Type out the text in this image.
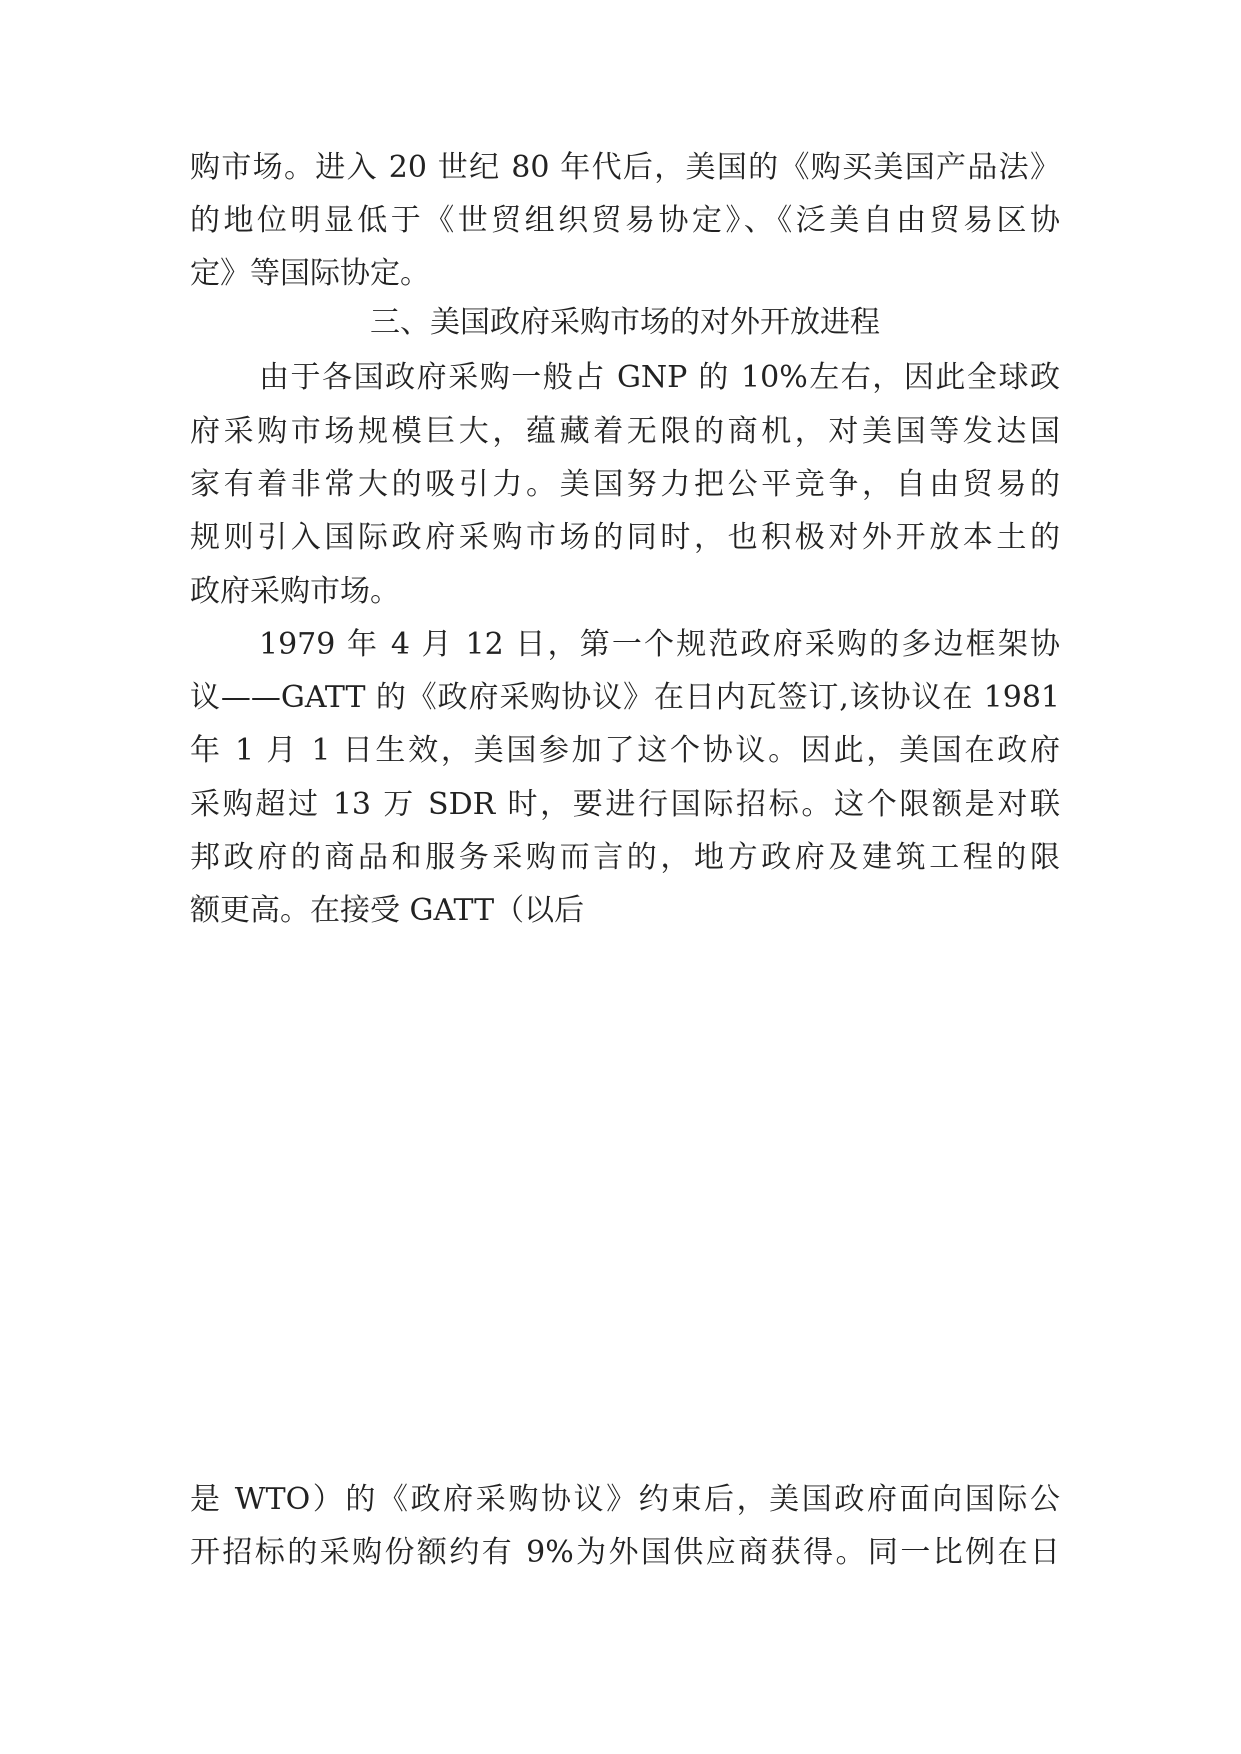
购市场。进入 20 世纪 80 年代后，美国的《购买美国产品法》
的地位明显低于《世贸组织贸易协定》、《泛美自由贸易区协
定》等国际协定。
三、美国政府采购市场的对外开放进程
由于各国政府采购一般占 GNP 的 10%左右，因此全球政
府采购市场规模巨大，蕴藏着无限的商机，对美国等发达国
家有着非常大的吸引力。美国努力把公平竞争，自由贸易的
规则引入国际政府采购市场的同时，也积极对外开放本土的
政府采购市场。
1979 年 4 月 12 日，第一个规范政府采购的多边框架协
议——GATT 的《政府采购协议》在日内瓦签订,该协议在 1981
年 1 月 1 日生效，美国参加了这个协议。因此，美国在政府
采购超过 13 万 SDR 时，要进行国际招标。这个限额是对联
邦政府的商品和服务采购而言的，地方政府及建筑工程的限
额更高。在接受 GATT（以后
是 WTO）的《政府采购协议》约束后，美国政府面向国际公
开招标的采购份额约有 9%为外国供应商获得。同一比例在日
